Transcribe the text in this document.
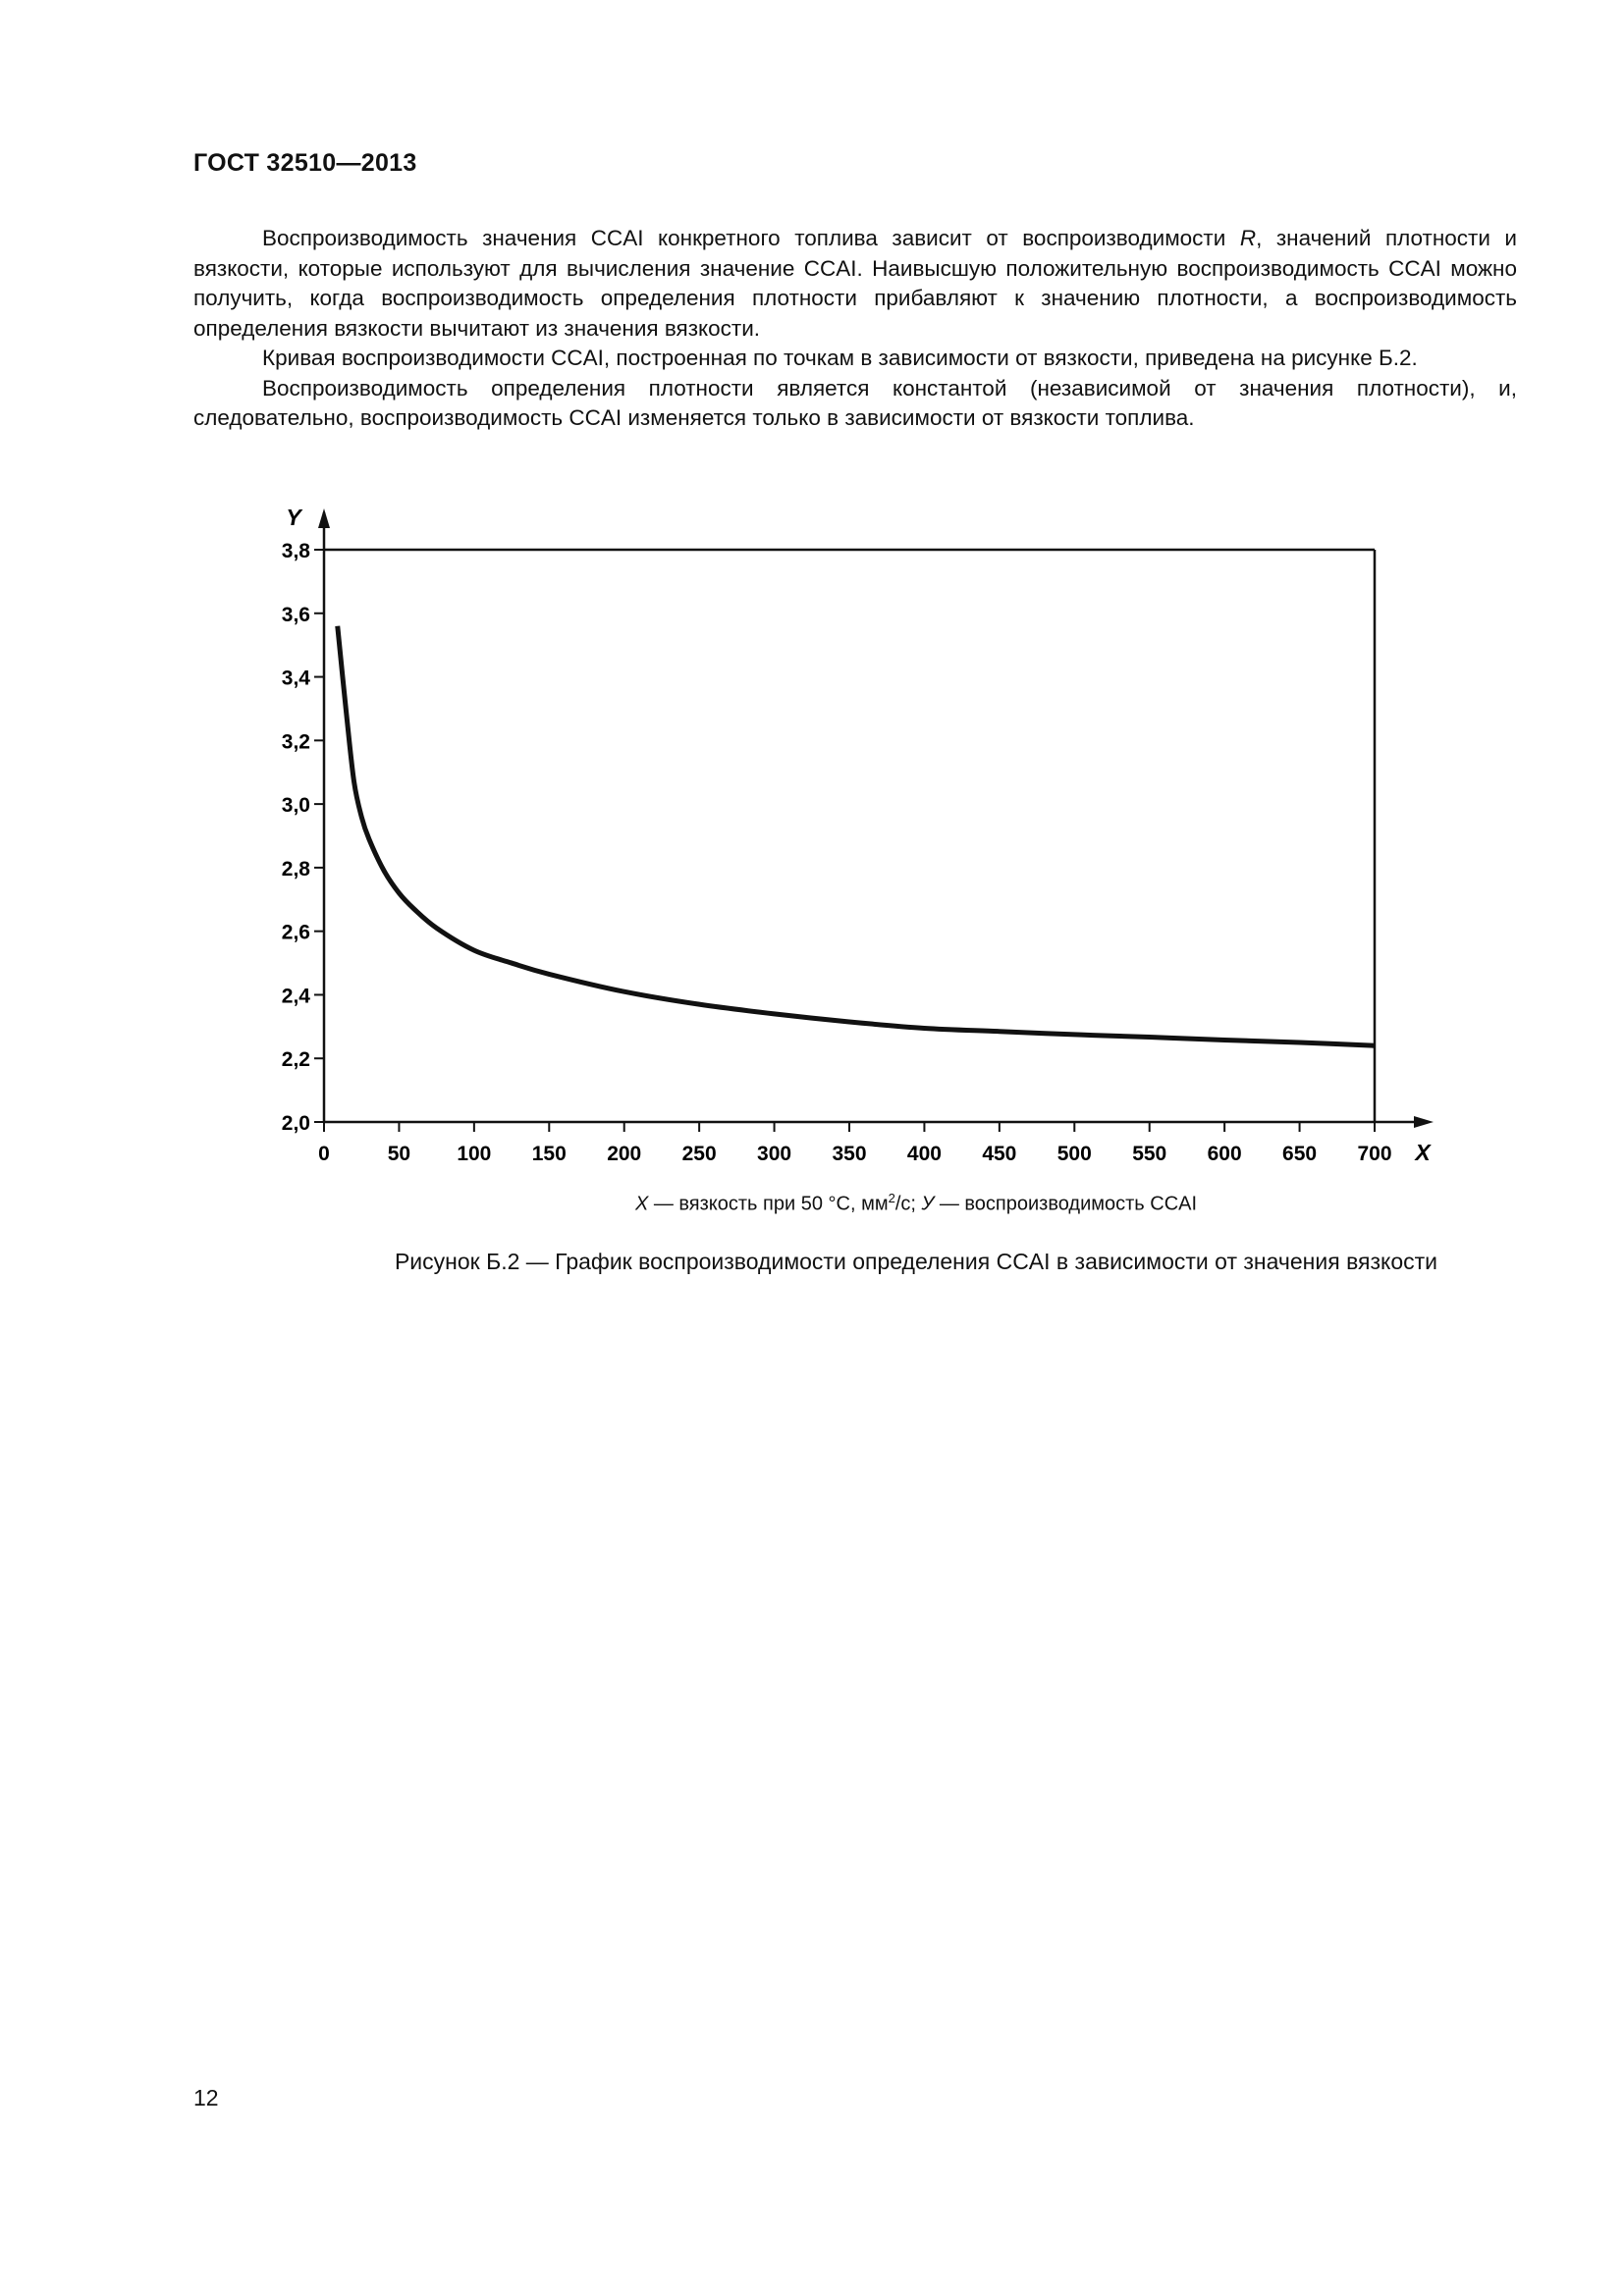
ГОСТ 32510—2013

Воспроизводимость значения CCAI конкретного топлива зависит от воспроизводимости R, значений плотности и вязкости, которые используют для вычисления значение CCAI. Наивысшую положительную воспроизводимость CCAI можно получить, когда воспроизводимость определения плотности прибавляют к значению плотности, а воспроизводимость определения вязкости вычитают из значения вязкости.

Кривая воспроизводимости CCAI, построенная по точкам в зависимости от вязкости, приведена на рисунке Б.2.

Воспроизводимость определения плотности является константой (независимой от значения плотности), и, следовательно, воспроизводимость CCAI изменяется только в зависимости от вязкости топлива.

Y
X
2,0
2,2
2,4
2,6
2,8
3,0
3,2
3,4
3,6
3,8
0	50 100 150 200 250 300 350 400 450 500 550 600 650 700
X — вязкость при 50 °С, $мм^2/с$; У — воспроизводимость CCAI
Рисунок Б.2 — График воспроизводимости определения CCAI в зависимости от значения вязкости
12
